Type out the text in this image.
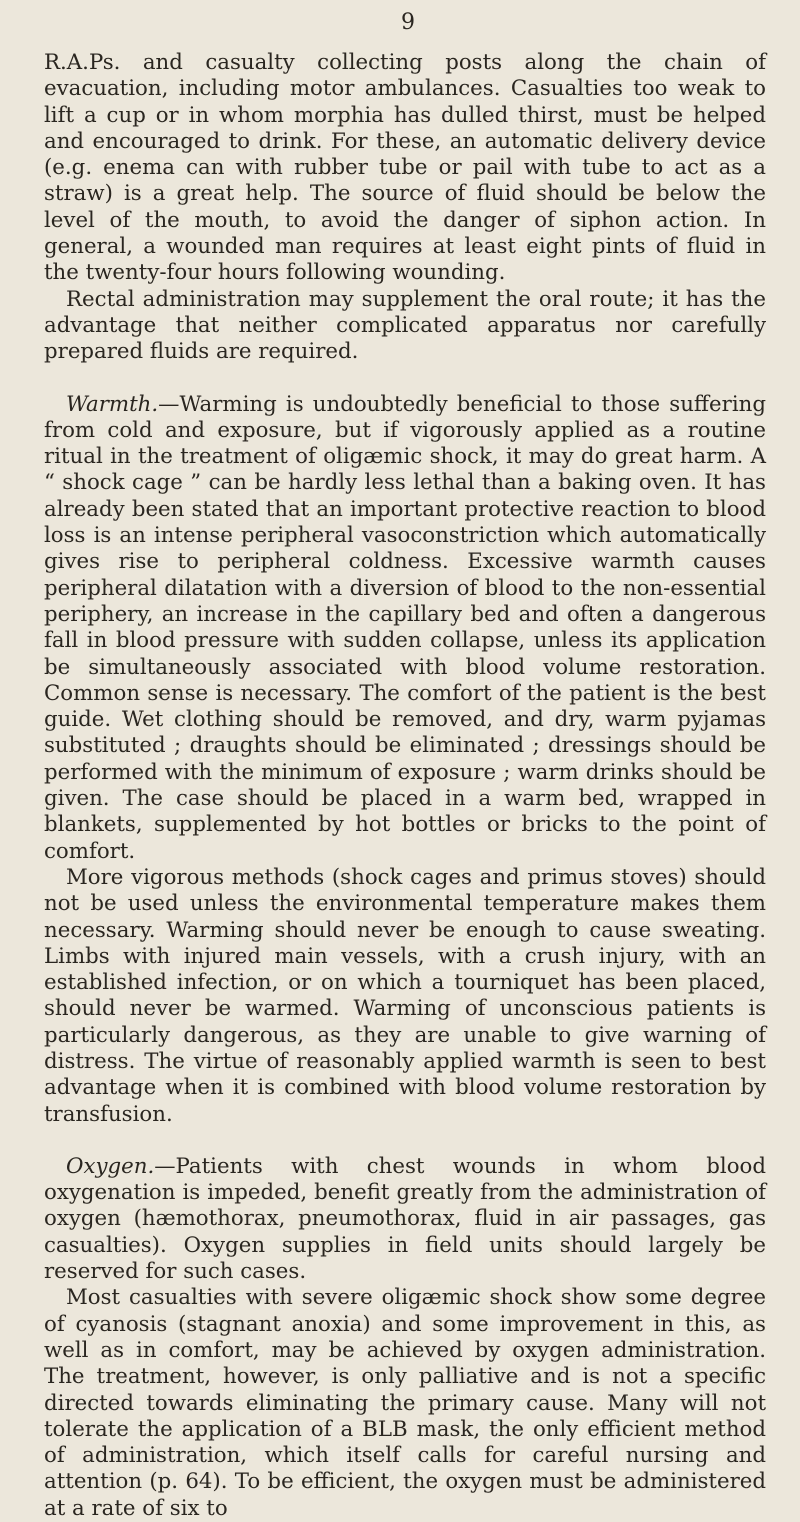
9

R.A.Ps. and casualty collecting posts along the chain of evacuation, including motor ambulances. Casualties too weak to lift a cup or in whom morphia has dulled thirst, must be helped and encouraged to drink. For these, an automatic delivery device (e.g. enema can with rubber tube or pail with tube to act as a straw) is a great help. The source of fluid should be below the level of the mouth, to avoid the danger of siphon action. In general, a wounded man requires at least eight pints of fluid in the twenty-four hours following wounding.

Rectal administration may supplement the oral route; it has the advantage that neither complicated apparatus nor carefully prepared fluids are required.

Warmth.—Warming is undoubtedly beneficial to those suffering from cold and exposure, but if vigorously applied as a routine ritual in the treatment of oligæmic shock, it may do great harm. A “ shock cage ” can be hardly less lethal than a baking oven. It has already been stated that an important protective reaction to blood loss is an intense peripheral vasoconstriction which automatically gives rise to peripheral coldness. Excessive warmth causes peripheral dilatation with a diversion of blood to the non-essential periphery, an increase in the capillary bed and often a dangerous fall in blood pressure with sudden collapse, unless its application be simultaneously associated with blood volume restoration. Common sense is necessary. The comfort of the patient is the best guide. Wet clothing should be removed, and dry, warm pyjamas substituted ; draughts should be eliminated ; dressings should be performed with the minimum of exposure ; warm drinks should be given. The case should be placed in a warm bed, wrapped in blankets, supplemented by hot bottles or bricks to the point of comfort.

More vigorous methods (shock cages and primus stoves) should not be used unless the environmental temperature makes them necessary. Warming should never be enough to cause sweating. Limbs with injured main vessels, with a crush injury, with an established infection, or on which a tourniquet has been placed, should never be warmed. Warming of unconscious patients is particularly dangerous, as they are unable to give warning of distress. The virtue of reasonably applied warmth is seen to best advantage when it is combined with blood volume restoration by transfusion.

Oxygen.—Patients with chest wounds in whom blood oxygenation is impeded, benefit greatly from the administration of oxygen (hæmothorax, pneumothorax, fluid in air passages, gas casualties). Oxygen supplies in field units should largely be reserved for such cases.

Most casualties with severe oligæmic shock show some degree of cyanosis (stagnant anoxia) and some improvement in this, as well as in comfort, may be achieved by oxygen administration. The treatment, however, is only palliative and is not a specific directed towards eliminating the primary cause. Many will not tolerate the application of a BLB mask, the only efficient method of administration, which itself calls for careful nursing and attention (p. 64). To be efficient, the oxygen must be administered at a rate of six to
